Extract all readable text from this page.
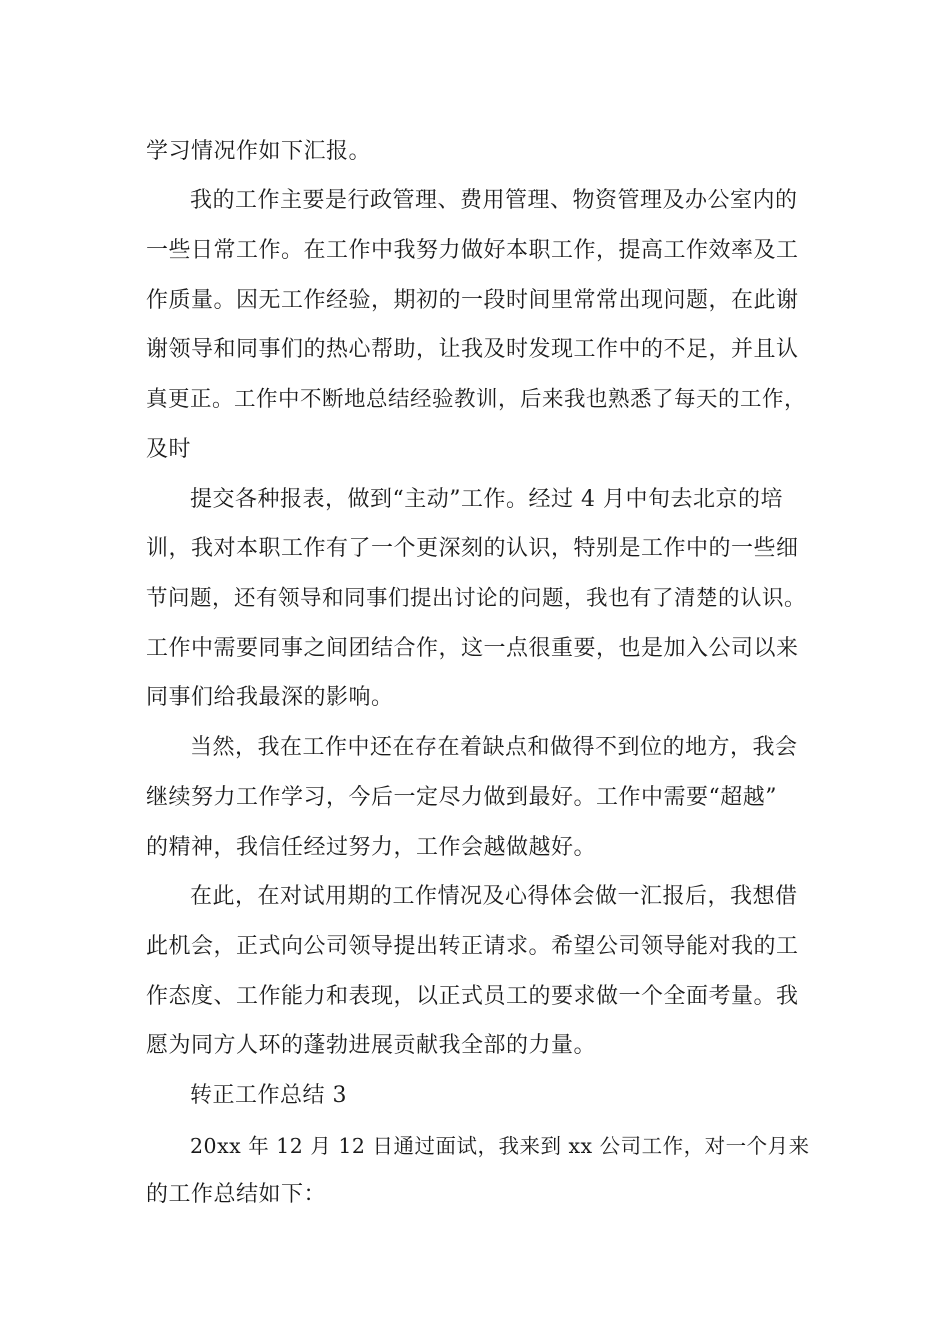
学习情况作如下汇报。
我的工作主要是行政管理、费用管理、物资管理及办公室内的
一些日常工作。在工作中我努力做好本职工作，提高工作效率及工
作质量。因无工作经验，期初的一段时间里常常出现问题，在此谢
谢领导和同事们的热心帮助，让我及时发现工作中的不足，并且认
真更正。工作中不断地总结经验教训，后来我也熟悉了每天的工作，
及时
提交各种报表，做到“主动”工作。经过 4 月中旬去北京的培
训，我对本职工作有了一个更深刻的认识，特别是工作中的一些细
节问题，还有领导和同事们提出讨论的问题，我也有了清楚的认识。
工作中需要同事之间团结合作，这一点很重要，也是加入公司以来
同事们给我最深的影响。
当然，我在工作中还在存在着缺点和做得不到位的地方，我会
继续努力工作学习，今后一定尽力做到最好。工作中需要“超越”
的精神，我信任经过努力，工作会越做越好。
在此，在对试用期的工作情况及心得体会做一汇报后，我想借
此机会，正式向公司领导提出转正请求。希望公司领导能对我的工
作态度、工作能力和表现，以正式员工的要求做一个全面考量。我
愿为同方人环的蓬勃进展贡献我全部的力量。
转正工作总结 3
20xx 年 12 月 12 日通过面试，我来到 xx 公司工作，对一个月来
的工作总结如下：
